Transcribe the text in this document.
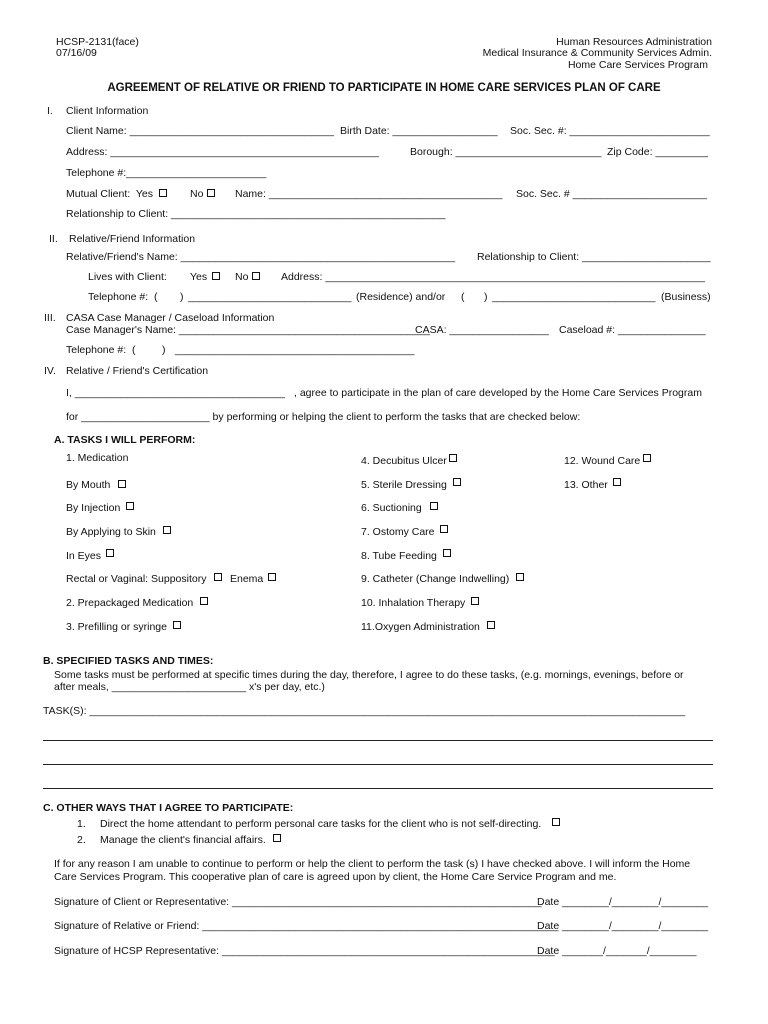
HCSP-2131(face)
07/16/09
Human Resources Administration
Medical Insurance & Community Services Admin.
Home Care Services Program
AGREEMENT OF RELATIVE OR FRIEND TO PARTICIPATE IN HOME CARE SERVICES PLAN OF CARE
I. Client Information
Client Name: ___________________________________ Birth Date: __________________ Soc. Sec. #: ________________________
Address: ______________________________________________	Borough: _________________________ Zip Code: _________
Telephone #:________________________
Mutual Client:  Yes	No	Name: ________________________________________ Soc. Sec. # _______________________
Relationship to Client: _______________________________________________
II. Relative/Friend Information
Relative/Friend's Name: _______________________________________________ Relationship to Client: ______________________
Lives with Client: Yes	No	Address: _________________________________________________________________
Telephone #:  ( ) ____________________________ (Residence) and/or ( ) ____________________________ (Business)
III. CASA Case Manager / Caseload Information
Case Manager's Name: ___________________________________________
CASA: _________________ Caseload #: _______________
Telephone #:  (	) _________________________________________
IV. Relative / Friend's Certification
I, ____________________________________ , agree to participate in the plan of care developed by the Home Care Services Program
for ______________________ by performing or helping the client to perform the tasks that are checked below:
A. TASKS I WILL PERFORM:
1. Medication
By Mouth
By Injection
By Applying to Skin
In Eyes
Rectal or Vaginal: Suppository Enema
2. Prepackaged Medication
3. Prefilling or syringe
4. Decubitus Ulcer
5. Sterile Dressing
6. Suctioning
7. Ostomy Care
8. Tube Feeding
9. Catheter (Change Indwelling)
10. Inhalation Therapy
11.Oxygen Administration
12. Wound Care
13. Other
B. SPECIFIED TASKS AND TIMES:
Some tasks must be performed at specific times during the day, therefore, I agree to do these tasks, (e.g. mornings, evenings, before or
after meals, _______________________ x's per day, etc.)
TASK(S): ______________________________________________________________________________________________________
C. OTHER WAYS THAT I AGREE TO PARTICIPATE:
1. Direct the home attendant to perform personal care tasks for the client who is not self-directing.
2. Manage the client's financial affairs.
If for any reason I am unable to continue to perform or help the client to perform the task (s) I have checked above. I will inform the Home
Care Services Program. This cooperative plan of care is agreed upon by client, the Home Care Service Program and me.
Signature of Client or Representative: _____________________________________________________
Date ________/________/________
Signature of Relative or Friend: _____________________________________________________________
Date ________/________/________
Signature of HCSP Representative: _________________________________________________________
Date _______/_______/________
